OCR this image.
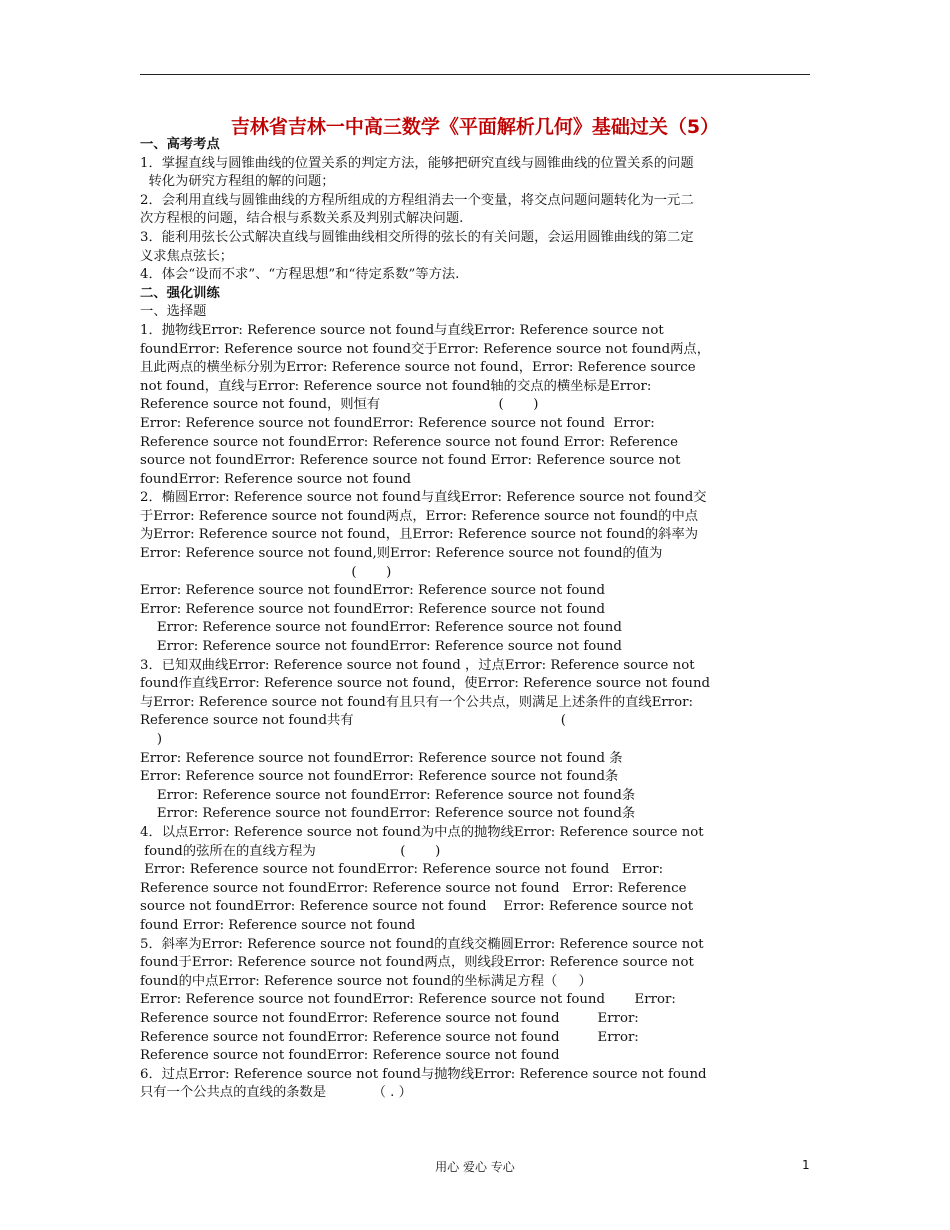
吉林省吉林一中高三数学《平面解析几何》基础过关（5）
一、高考考点
1．掌握直线与圆锥曲线的位置关系的判定方法，能够把研究直线与圆锥曲线的位置关系的问题
转化为研究方程组的解的问题；
2．会利用直线与圆锥曲线的方程所组成的方程组消去一个变量，将交点问题问题转化为一元二
次方程根的问题，结合根与系数关系及判别式解决问题.
3．能利用弦长公式解决直线与圆锥曲线相交所得的弦长的有关问题，会运用圆锥曲线的第二定
义求焦点弦长；
4．体会“设而不求”、“方程思想”和“待定系数”等方法.
二、强化训练
一、选择题
1．抛物线Error: Reference source not found与直线Error: Reference source not
foundError: Reference source not found交于Error: Reference source not found两点，
且此两点的横坐标分别为Error: Reference source not found，Error: Reference source
not found，直线与Error: Reference source not found轴的交点的横坐标是Error:
Reference source not found，则恒有                            (       )
Error: Reference source not foundError: Reference source not found  Error:
Reference source not foundError: Reference source not found Error: Reference
source not foundError: Reference source not found Error: Reference source not
foundError: Reference source not found
2．椭圆Error: Reference source not found与直线Error: Reference source not found交
于Error: Reference source not found两点，Error: Reference source not found的中点
为Error: Reference source not found，且Error: Reference source not found的斜率为
Error: Reference source not found,则Error: Reference source not found的值为
(       )
Error: Reference source not foundError: Reference source not found
Error: Reference source not foundError: Reference source not found
Error: Reference source not foundError: Reference source not found
Error: Reference source not foundError: Reference source not found
3．已知双曲线Error: Reference source not found ，过点Error: Reference source not
found作直线Error: Reference source not found，使Error: Reference source not found
与Error: Reference source not found有且只有一个公共点，则满足上述条件的直线Error:
Reference source not found共有                                                 (
)
Error: Reference source not foundError: Reference source not found 条
Error: Reference source not foundError: Reference source not found条
Error: Reference source not foundError: Reference source not found条
Error: Reference source not foundError: Reference source not found条
4．以点Error: Reference source not found为中点的抛物线Error: Reference source not
found的弦所在的直线方程为                    (       )
Error: Reference source not foundError: Reference source not found   Error:
Reference source not foundError: Reference source not found   Error: Reference
source not foundError: Reference source not found    Error: Reference source not
found Error: Reference source not found
5．斜率为Error: Reference source not found的直线交椭圆Error: Reference source not
found于Error: Reference source not found两点，则线段Error: Reference source not
found的中点Error: Reference source not found的坐标满足方程（     ）
Error: Reference source not foundError: Reference source not found       Error:
Reference source not foundError: Reference source not found         Error:
Reference source not foundError: Reference source not found         Error:
Reference source not foundError: Reference source not found
6．过点Error: Reference source not found与抛物线Error: Reference source not found
只有一个公共点的直线的条数是           （ . ）
用心 爱心 专心	1
